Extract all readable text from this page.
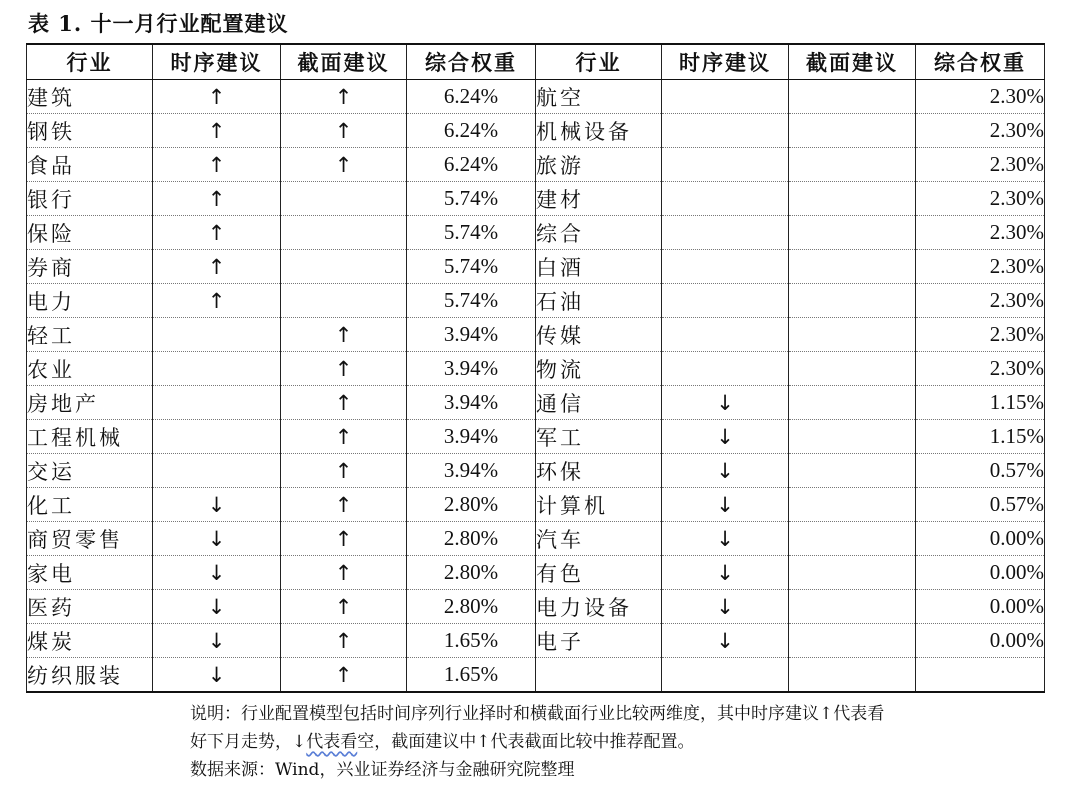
表 1. 十一月行业配置建议
行业	时序建议	截面建议	综合权重	行业	时序建议	截面建议	综合权重
建筑	↑	↑	6.24%	航空			2.30%
钢铁	↑	↑	6.24%	机械设备			2.30%
食品	↑	↑	6.24%	旅游			2.30%
银行	↑		5.74%	建材			2.30%
保险	↑		5.74%	综合			2.30%
券商	↑		5.74%	白酒			2.30%
电力	↑		5.74%	石油			2.30%
轻工		↑	3.94%	传媒			2.30%
农业		↑	3.94%	物流			2.30%
房地产		↑	3.94%	通信	↓		1.15%
工程机械		↑	3.94%	军工	↓		1.15%
交运		↑	3.94%	环保	↓		0.57%
化工	↓	↑	2.80%	计算机	↓		0.57%
商贸零售	↓	↑	2.80%	汽车	↓		0.00%
家电	↓	↑	2.80%	有色	↓		0.00%
医药	↓	↑	2.80%	电力设备	↓		0.00%
煤炭	↓	↑	1.65%	电子	↓		0.00%
纺织服装	↓	↑	1.65%				

说明：行业配置模型包括时间序列行业择时和横截面行业比较两维度，其中时序建议↑代表看

好下月走势，↓代表看空，截面建议中↑代表截面比较中推荐配置。

数据来源：Wind，兴业证券经济与金融研究院整理
